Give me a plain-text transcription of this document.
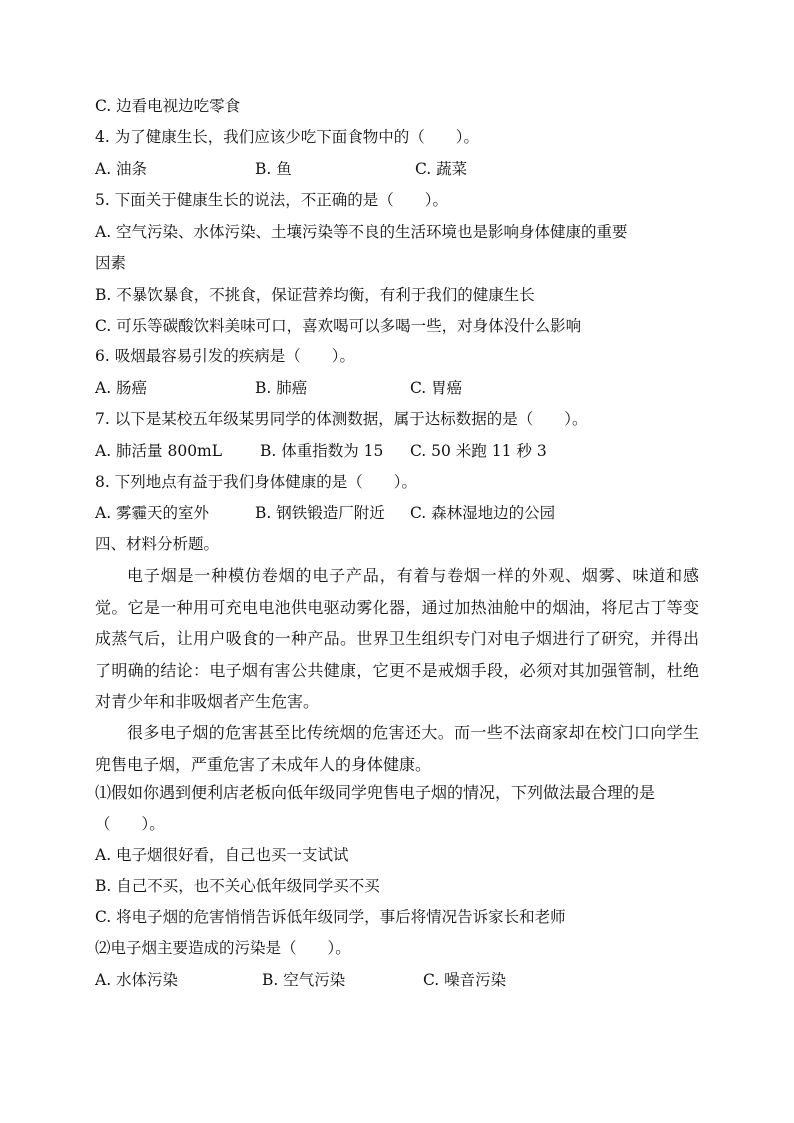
C. 边看电视边吃零食
4. 为了健康生长，我们应该少吃下面食物中的（　　）。
A. 油条	B. 鱼	C. 蔬菜
5. 下面关于健康生长的说法，不正确的是（　　）。
A. 空气污染、水体污染、土壤污染等不良的生活环境也是影响身体健康的重要
因素
B. 不暴饮暴食，不挑食，保证营养均衡，有利于我们的健康生长
C. 可乐等碳酸饮料美味可口，喜欢喝可以多喝一些，对身体没什么影响
6. 吸烟最容易引发的疾病是（　　）。
A. 肠癌	B. 肺癌	C. 胃癌
7. 以下是某校五年级某男同学的体测数据，属于达标数据的是（　　）。
A. 肺活量 800mL B. 体重指数为 15 C. 50 米跑 11 秒 3
8. 下列地点有益于我们身体健康的是（　　）。
A. 雾霾天的室外	B. 钢铁锻造厂附近 C. 森林湿地边的公园
四、材料分析题。
电子烟是一种模仿卷烟的电子产品，有着与卷烟一样的外观、烟雾、味道和感觉。它是一种用可充电电池供电驱动雾化器，通过加热油舱中的烟油，将尼古丁等变成蒸气后，让用户吸食的一种产品。世界卫生组织专门对电子烟进行了研究，并得出了明确的结论：电子烟有害公共健康，它更不是戒烟手段，必须对其加强管制，杜绝对青少年和非吸烟者产生危害。
很多电子烟的危害甚至比传统烟的危害还大。而一些不法商家却在校门口向学生兜售电子烟，严重危害了未成年人的身体健康。
⑴假如你遇到便利店老板向低年级同学兜售电子烟的情况，下列做法最合理的是
（　　）。
A. 电子烟很好看，自己也买一支试试
B. 自己不买，也不关心低年级同学买不买
C. 将电子烟的危害悄悄告诉低年级同学，事后将情况告诉家长和老师
⑵电子烟主要造成的污染是（　　）。
A. 水体污染	B. 空气污染	C. 噪音污染
